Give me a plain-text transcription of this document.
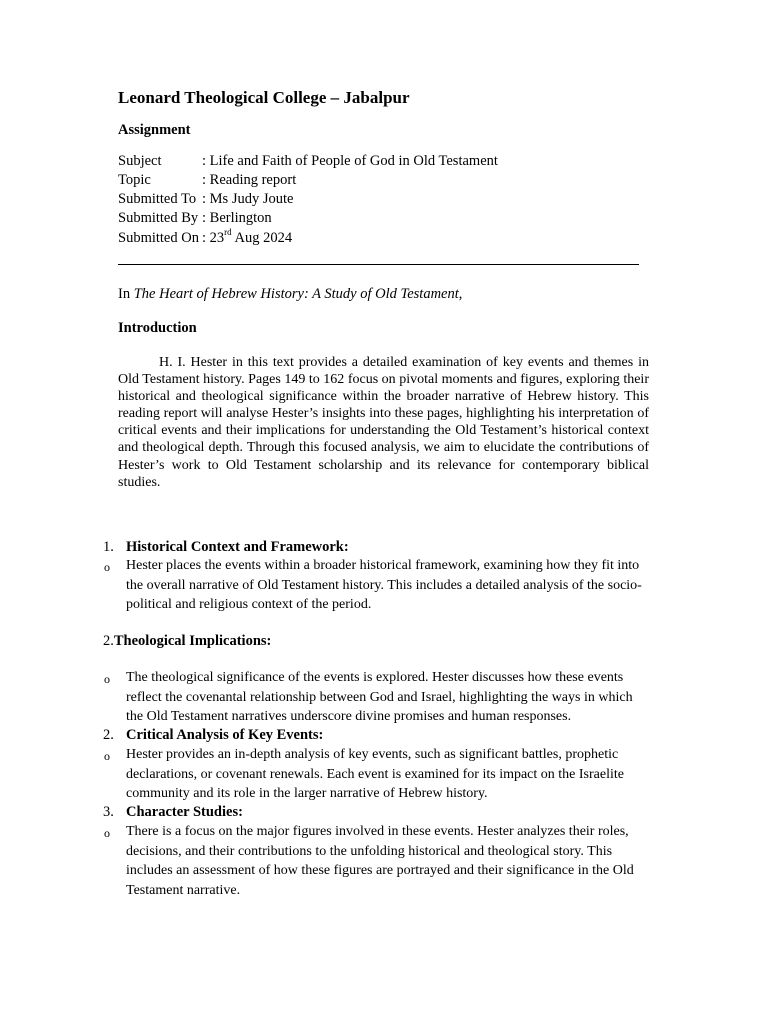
Leonard Theological College – Jabalpur
Assignment
Subject	: Life and Faith of People of God in Old Testament
Topic	: Reading report
Submitted To : Ms Judy Joute
Submitted By : Berlington
Submitted On : 23rd Aug 2024
In The Heart of Hebrew History: A Study of Old Testament,
Introduction

H. I. Hester in this text provides a detailed examination of key events and themes in Old Testament history. Pages 149 to 162 focus on pivotal moments and figures, exploring their historical and theological significance within the broader narrative of Hebrew history. This reading report will analyse Hester’s insights into these pages, highlighting his interpretation of critical events and their implications for understanding the Old Testament’s historical context and theological depth. Through this focused analysis, we aim to elucidate the contributions of Hester’s work to Old Testament scholarship and its relevance for contemporary biblical studies.

1. Historical Context and Framework:
o Hester places the events within a broader historical framework, examining how they fit into the overall narrative of Old Testament history. This includes a detailed analysis of the socio-political and religious context of the period.

2.Theological Implications:
o The theological significance of the events is explored. Hester discusses how these events reflect the covenantal relationship between God and Israel, highlighting the ways in which the Old Testament narratives underscore divine promises and human responses.

2. Critical Analysis of Key Events:
o Hester provides an in-depth analysis of key events, such as significant battles, prophetic declarations, or covenant renewals. Each event is examined for its impact on the Israelite community and its role in the larger narrative of Hebrew history.

3. Character Studies:
o There is a focus on the major figures involved in these events. Hester analyzes their roles, decisions, and their contributions to the unfolding historical and theological story. This includes an assessment of how these figures are portrayed and their significance in the Old Testament narrative.
